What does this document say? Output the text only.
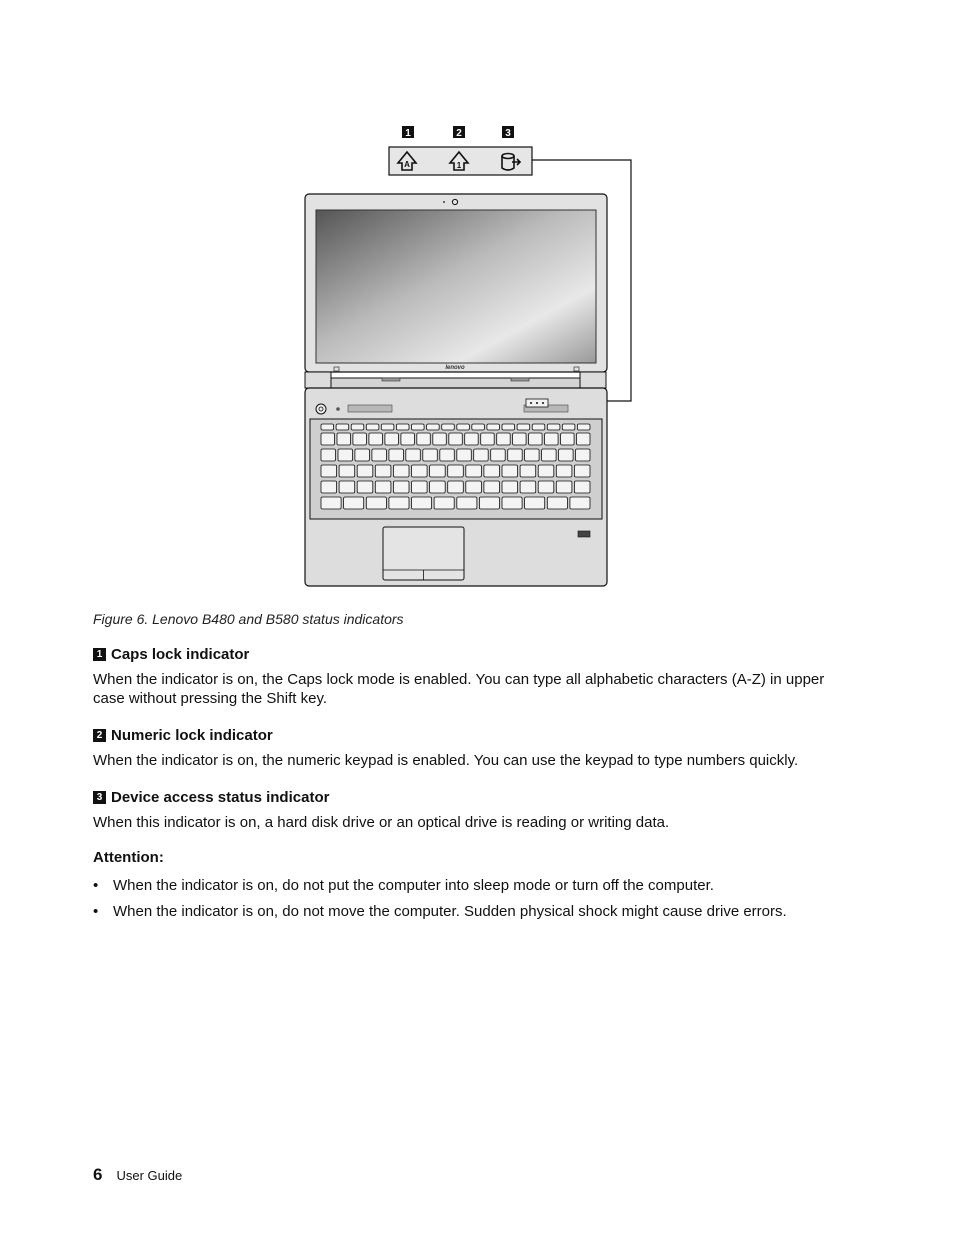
1	2	3
A	1
lenovo
Figure 6. Lenovo B480 and B580 status indicators
1 Caps lock indicator
When the indicator is on, the Caps lock mode is enabled. You can type all alphabetic characters (A-Z) in upper case without pressing the Shift key.
2 Numeric lock indicator
When the indicator is on, the numeric keypad is enabled. You can use the keypad to type numbers quickly.
3 Device access status indicator
When this indicator is on, a hard disk drive or an optical drive is reading or writing data.
Attention:
• When the indicator is on, do not put the computer into sleep mode or turn off the computer.
• When the indicator is on, do not move the computer. Sudden physical shock might cause drive errors.
6 User Guide
